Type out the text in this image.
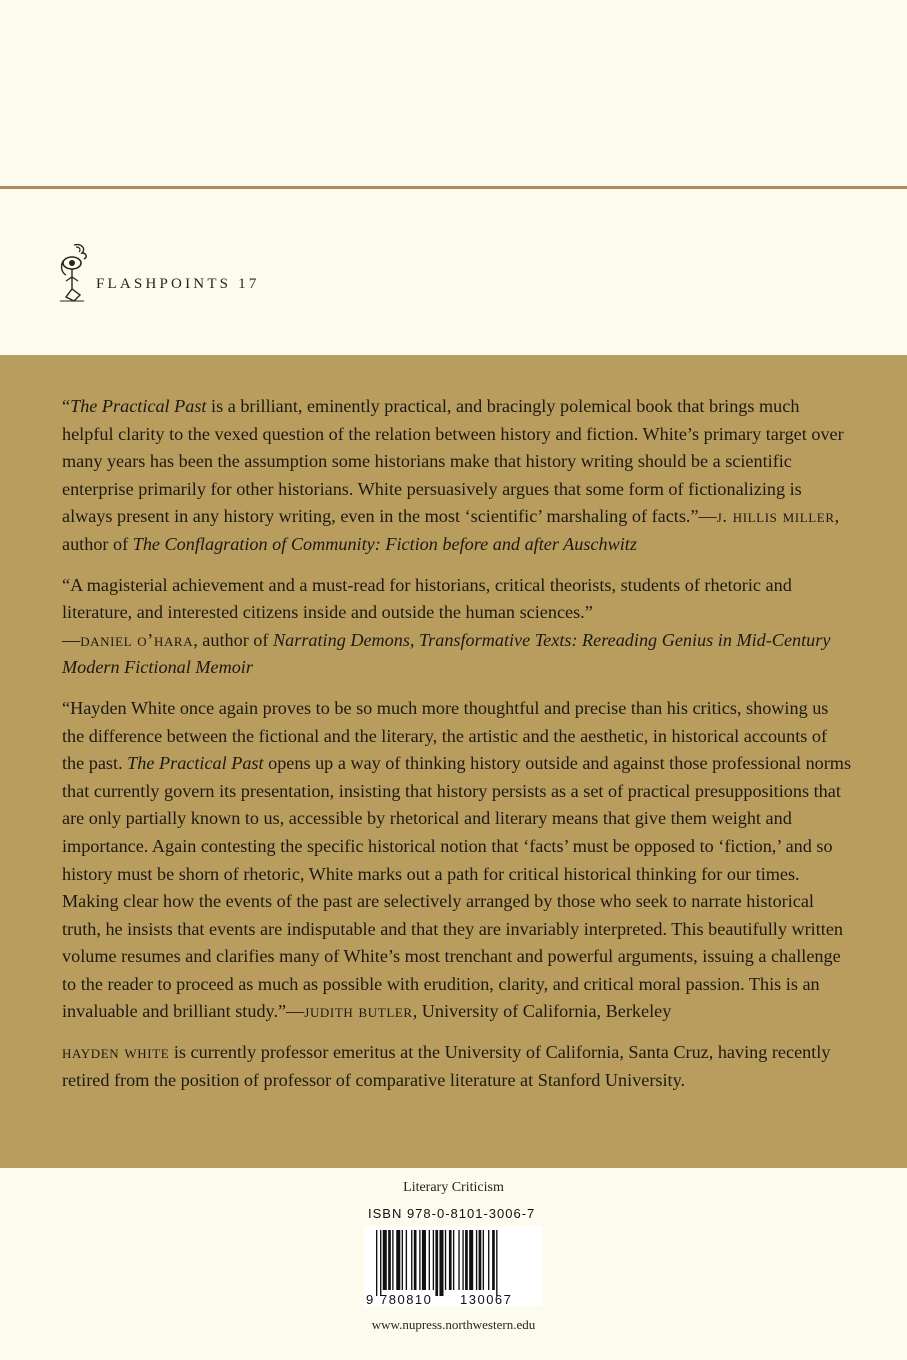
FLASHPOINTS 17

“The Practical Past is a brilliant, eminently practical, and bracingly polemical book that brings much helpful clarity to the vexed question of the relation between history and fiction. White’s primary target over many years has been the assumption some historians make that history writing should be a scientific enterprise primarily for other historians. White persuasively argues that some form of fictionalizing is always present in any history writing, even in the most ‘scientific’ marshaling of facts.”—j. hillis miller, author of The Conflagration of Community: Fiction before and after Auschwitz

“A magisterial achievement and a must-read for historians, critical theorists, students of rhetoric and literature, and interested citizens inside and outside the human sciences.”
—daniel o’hara, author of Narrating Demons, Transformative Texts: Rereading Genius in Mid-Century Modern Fictional Memoir

“Hayden White once again proves to be so much more thoughtful and precise than his critics, showing us the difference between the fictional and the literary, the artistic and the aesthetic, in historical accounts of the past. The Practical Past opens up a way of thinking history outside and against those professional norms that currently govern its presentation, insisting that history persists as a set of practical presuppositions that are only partially known to us, accessible by rhetorical and literary means that give them weight and importance. Again contesting the specific historical notion that ‘facts’ must be opposed to ‘fiction,’ and so history must be shorn of rhetoric, White marks out a path for critical historical thinking for our times. Making clear how the events of the past are selectively arranged by those who seek to narrate historical truth, he insists that events are indisputable and that they are invariably interpreted. This beautifully written volume resumes and clarifies many of White’s most trenchant and powerful arguments, issuing a challenge to the reader to proceed as much as possible with erudition, clarity, and critical moral passion. This is an invaluable and brilliant study.”—judith butler, University of California, Berkeley

hayden white is currently professor emeritus at the University of California, Santa Cruz, having recently retired from the position of professor of comparative literature at Stanford University.

Literary Criticism
ISBN 978-0-8101-3006-7
9 780810 130067
www.nupress.northwestern.edu
